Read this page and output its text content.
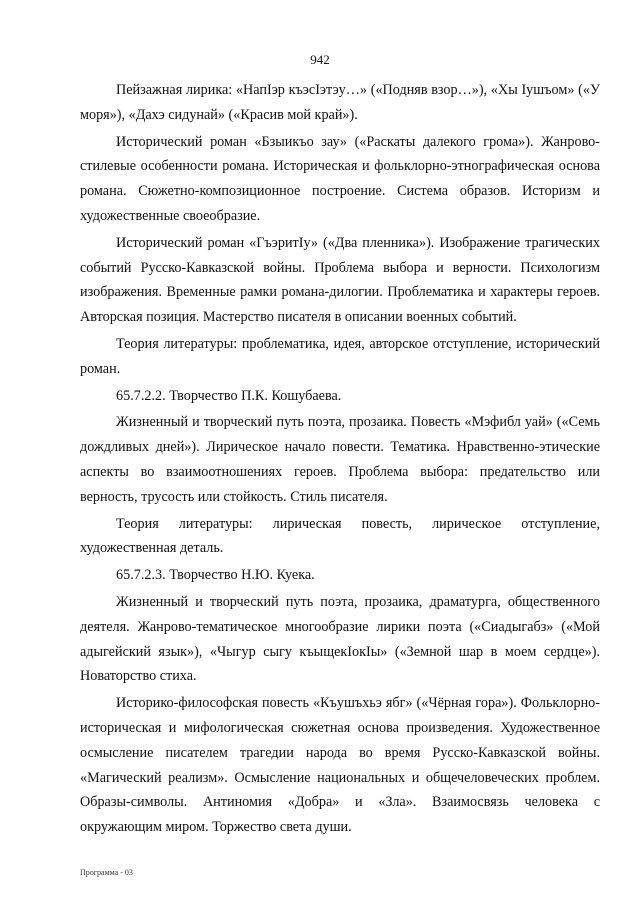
942

Пейзажная лирика: «НапIэр къэсIэтэу…» («Подняв взор…»), «Хы Iушъом» («У моря»), «Дахэ сидунай» («Красив мой край»).

Исторический роман «Бзыикъо зау» («Раскаты далекого грома»). Жанрово-стилевые особенности романа. Историческая и фольклорно-этнографическая основа романа. Сюжетно-композиционное построение. Система образов. Историзм и художественные своеобразие.

Исторический роман «ГъэритIу» («Два пленника»). Изображение трагических событий Русско-Кавказской войны. Проблема выбора и верности. Психологизм изображения. Временные рамки романа-дилогии. Проблематика и характеры героев. Авторская позиция. Мастерство писателя в описании военных событий.

Теория литературы: проблематика, идея, авторское отступление, исторический роман.

65.7.2.2. Творчество П.К. Кошубаева.

Жизненный и творческий путь поэта, прозаика. Повесть «Мэфибл уай» («Семь дождливых дней»). Лирическое начало повести. Тематика. Нравственно-этические аспекты во взаимоотношениях героев. Проблема выбора: предательство или верность, трусость или стойкость. Стиль писателя.

Теория литературы: лирическая повесть, лирическое отступление, художественная деталь.

65.7.2.3. Творчество Н.Ю. Куека.

Жизненный и творческий путь поэта, прозаика, драматурга, общественного деятеля. Жанрово-тематическое многообразие лирики поэта («Сиадыгабз» («Мой адыгейский язык»), «Чыгур сыгу къыщекIокIы» («Земной шар в моем сердце»). Новаторство стиха.

Историко-философская повесть «Къушъхьэ ябг» («Чёрная гора»). Фольклорно-историческая и мифологическая сюжетная основа произведения. Художественное осмысление писателем трагедии народа во время Русско-Кавказской войны. «Магический реализм». Осмысление национальных и общечеловеческих проблем. Образы-символы. Антиномия «Добра» и «Зла». Взаимосвязь человека с окружающим миром. Торжество света души.

Программа - 03
